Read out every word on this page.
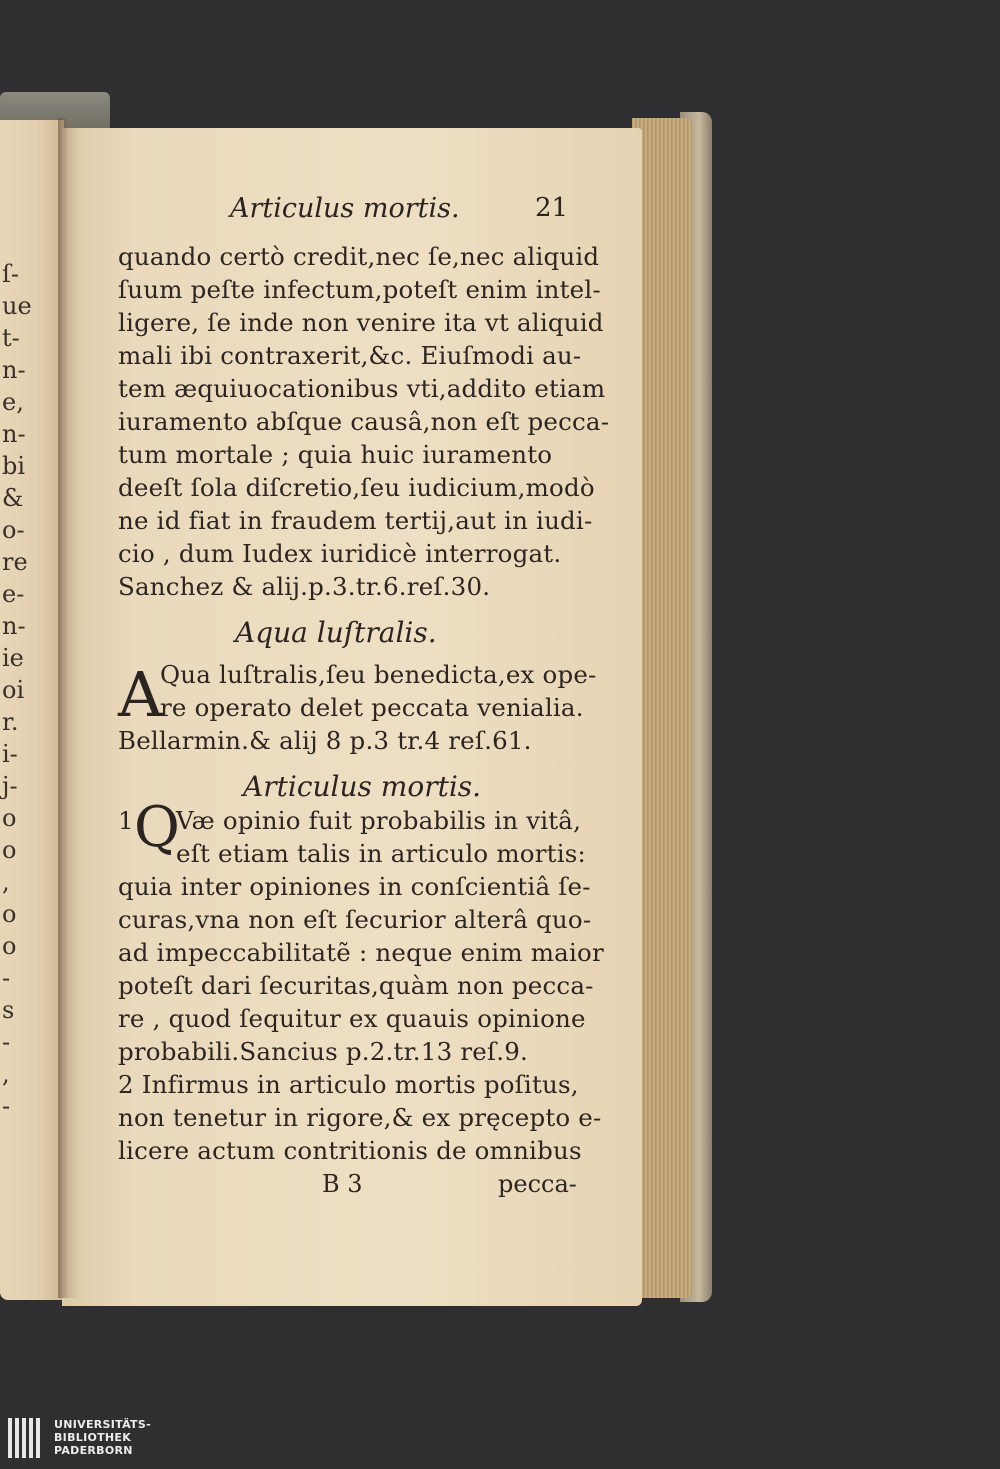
ſ-
ue
t-
n-
e,
n-
bi
&
o-
re
e-
n-
ie
oi
r.
i-
j-
o
o
,
o
o
-
s
-
,
-
Articulus mortis.	21
quando certò credit,nec ſe,nec aliquid
ſuum peſte infectum,poteſt enim intel-
ligere, ſe inde non venire ita vt aliquid
mali ibi contraxerit,&c. Eiuſmodi au-
tem æquiuocationibus vti,addito etiam
iuramento abſque causâ,non eſt pecca-
tum mortale ; quia huic iuramento
deeſt ſola diſcretio,ſeu iudicium,modò
ne id fiat in fraudem tertij,aut in iudi-
cio , dum Iudex iuridicè interrogat.
Sanchez & alij.p.3.tr.6.reſ.30.
Aqua luſtralis.
A
Qua luſtralis,ſeu benedicta,ex ope-
re operato delet peccata venialia.
Bellarmin.& alij 8 p.3 tr.4 reſ.61.
Articulus mortis.
1 Q
Væ opinio fuit probabilis in vitâ,
eſt etiam talis in articulo mortis:
quia inter opiniones in conſcientiâ ſe-
curas,vna non eſt ſecurior alterâ quo-
ad impeccabilitatẽ : neque enim maior
poteſt dari ſecuritas,quàm non pecca-
re , quod ſequitur ex quauis opinione
probabili.Sancius p.2.tr.13 reſ.9.
2 Infirmus in articulo mortis poſitus,
non tenetur in rigore,& ex pręcepto e-
licere actum contritionis de omnibus
B 3	pecca-
UNIVERSITÄTS-
BIBLIOTHEK
PADERBORN
